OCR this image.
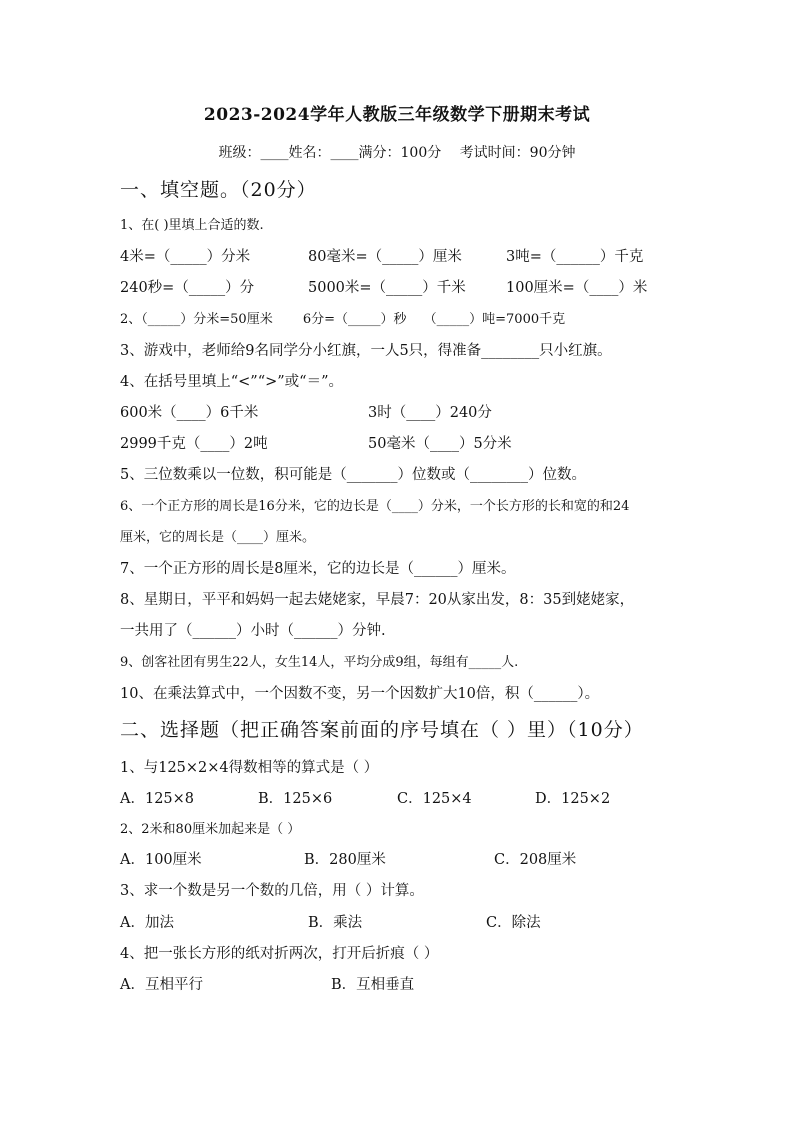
2023-2024学年人教版三年级数学下册期末考试
班级：____姓名：____满分：100分　 考试时间：90分钟
一、填空题。（20分）
1、在( )里填上合适的数.
4米=（_____）分米	80毫米=（_____）厘米	3吨=（______）千克
240秒=（_____）分	5000米=（_____）千米	100厘米=（____）米
2、（_____）分米=50厘米　　 6分=（_____）秒　 （_____）吨=7000千克
3、游戏中，老师给9名同学分小红旗，一人5只，得准备________只小红旗。
4、在括号里填上“<”“>”或“＝”。
600米（____）6千米	3时（____）240分
2999千克（____）2吨	50毫米（____）5分米
5、三位数乘以一位数，积可能是（_______）位数或（________）位数。
6、一个正方形的周长是16分米，它的边长是（____）分米，一个长方形的长和宽的和24
厘米，它的周长是（____）厘米。
7、一个正方形的周长是8厘米，它的边长是（______）厘米。
8、星期日，平平和妈妈一起去姥姥家，早晨7：20从家出发，8：35到姥姥家，
一共用了（______）小时（______）分钟.
9、创客社团有男生22人，女生14人，平均分成9组，每组有_____人.
10、在乘法算式中，一个因数不变，另一个因数扩大10倍，积（______）。
二、选择题（把正确答案前面的序号填在（ ）里）（10分）
1、与125×2×4得数相等的算式是（ ）
A．125×8	B．125×6	C．125×4	D．125×2
2、2米和80厘米加起来是（ ）
A．100厘米	B．280厘米	C．208厘米
3、求一个数是另一个数的几倍，用（ ）计算。
A．加法	B．乘法	C．除法
4、把一张长方形的纸对折两次，打开后折痕（ ）
A．互相平行	B．互相垂直
